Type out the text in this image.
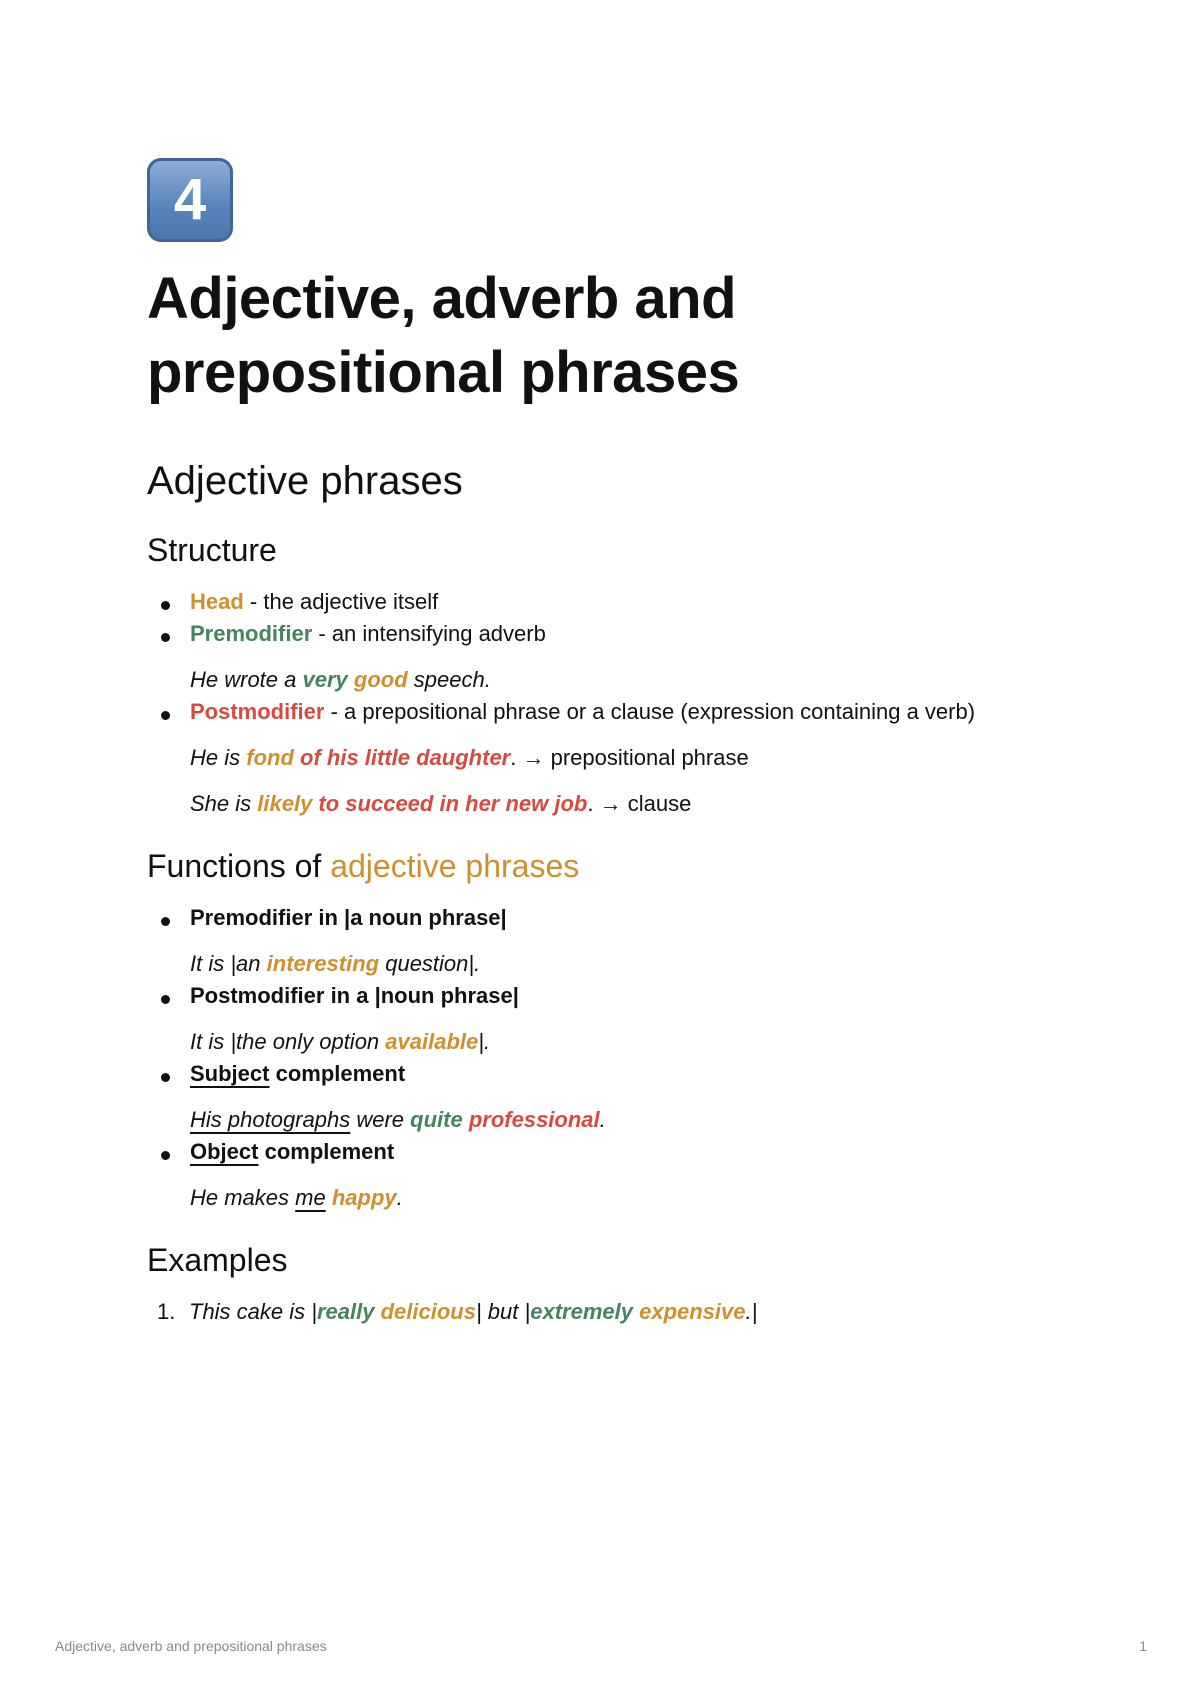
4
Adjective, adverb and
prepositional phrases
Adjective phrases
Structure
Head - the adjective itself
Premodifier - an intensifying adverb
He wrote a very good speech.
Postmodifier - a prepositional phrase or a clause (expression containing a verb)
He is fond of his little daughter. → prepositional phrase
She is likely to succeed in her new job. → clause
Functions of adjective phrases
Premodifier in |a noun phrase|
It is |an interesting question|.
Postmodifier in a |noun phrase|
It is |the only option available|.
Subject complement
His photographs were quite professional.
Object complement
He makes me happy.
Examples
1. This cake is |really delicious| but |extremely expensive.|
Adjective, adverb and prepositional phrases	1
